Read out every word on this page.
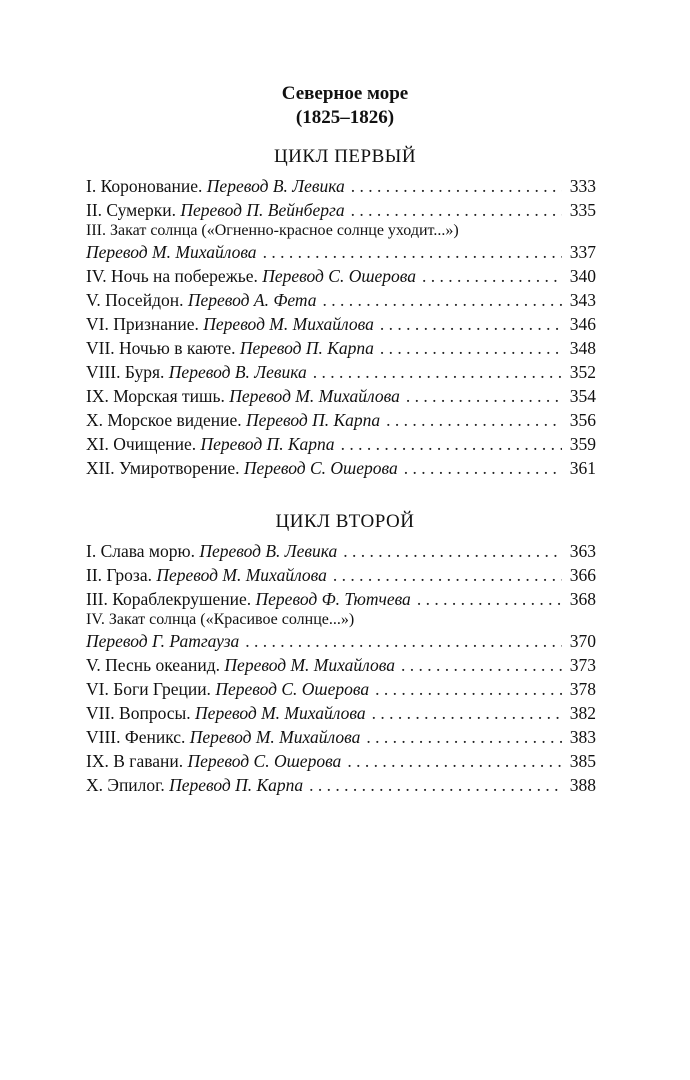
Северное море
(1825–1826)
ЦИКЛ ПЕРВЫЙ
I. Коронование. Перевод В. Левика . . .	333
II. Сумерки. Перевод П. Вейнберга . . .	335
III. Закат солнца («Огненно-красное солнце уходит...»)
Перевод М. Михайлова . . .	337
IV. Ночь на побережье. Перевод С. Ошерова . . .	340
V. Посейдон. Перевод А. Фета . . .	343
VI. Признание. Перевод М. Михайлова . . .	346
VII. Ночью в каюте. Перевод П. Карпа . . .	348
VIII. Буря. Перевод В. Левика . . .	352
IX. Морская тишь. Перевод М. Михайлова . . .	354
X. Морское видение. Перевод П. Карпа . . .	356
XI. Очищение. Перевод П. Карпа . . .	359
XII. Умиротворение. Перевод С. Ошерова . . .	361
ЦИКЛ ВТОРОЙ
I. Слава морю. Перевод В. Левика . . .	363
II. Гроза. Перевод М. Михайлова . . .	366
III. Кораблекрушение. Перевод Ф. Тютчева . . .	368
IV. Закат солнца («Красивое солнце...»)
Перевод Г. Ратгауза . . .	370
V. Песнь океанид. Перевод М. Михайлова . . .	373
VI. Боги Греции. Перевод С. Ошерова . . .	378
VII. Вопросы. Перевод М. Михайлова . . .	382
VIII. Феникс. Перевод М. Михайлова . . .	383
IX. В гавани. Перевод С. Ошерова . . .	385
X. Эпилог. Перевод П. Карпа . . .	388
